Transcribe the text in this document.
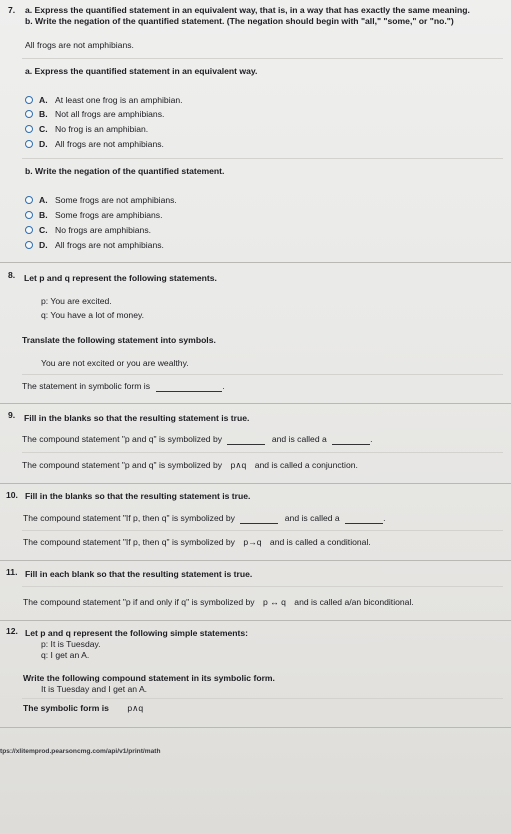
7. a. Express the quantified statement in an equivalent way, that is, in a way that has exactly the same meaning.
b. Write the negation of the quantified statement. (The negation should begin with "all," "some," or "no.")
All frogs are not amphibians.
a. Express the quantified statement in an equivalent way.
A. At least one frog is an amphibian.
B. Not all frogs are amphibians.
C. No frog is an amphibian.
D. All frogs are not amphibians.
b. Write the negation of the quantified statement.
A. Some frogs are not amphibians.
B. Some frogs are amphibians.
C. No frogs are amphibians.
D. All frogs are not amphibians.
8. Let p and q represent the following statements.
p: You are excited.
q: You have a lot of money.
Translate the following statement into symbols.
You are not excited or you are wealthy.
The statement in symbolic form is	.
9. Fill in the blanks so that the resulting statement is true.
The compound statement "p and q" is symbolized by	and is called a	.
The compound statement "p and q" is symbolized by p∧q and is called a conjunction.
10. Fill in the blanks so that the resulting statement is true.
The compound statement "If p, then q" is symbolized by	and is called a	.
The compound statement "If p, then q" is symbolized by p→q and is called a conditional.
11. Fill in each blank so that the resulting statement is true.
The compound statement "p if and only if q" is symbolized by p ↔ q and is called a/an biconditional.
12. Let p and q represent the following simple statements:
p: It is Tuesday.
q: I get an A.
Write the following compound statement in its symbolic form.
It is Tuesday and I get an A.
The symbolic form is p∧q
tps://xlitemprod.pearsoncmg.com/api/v1/print/math
